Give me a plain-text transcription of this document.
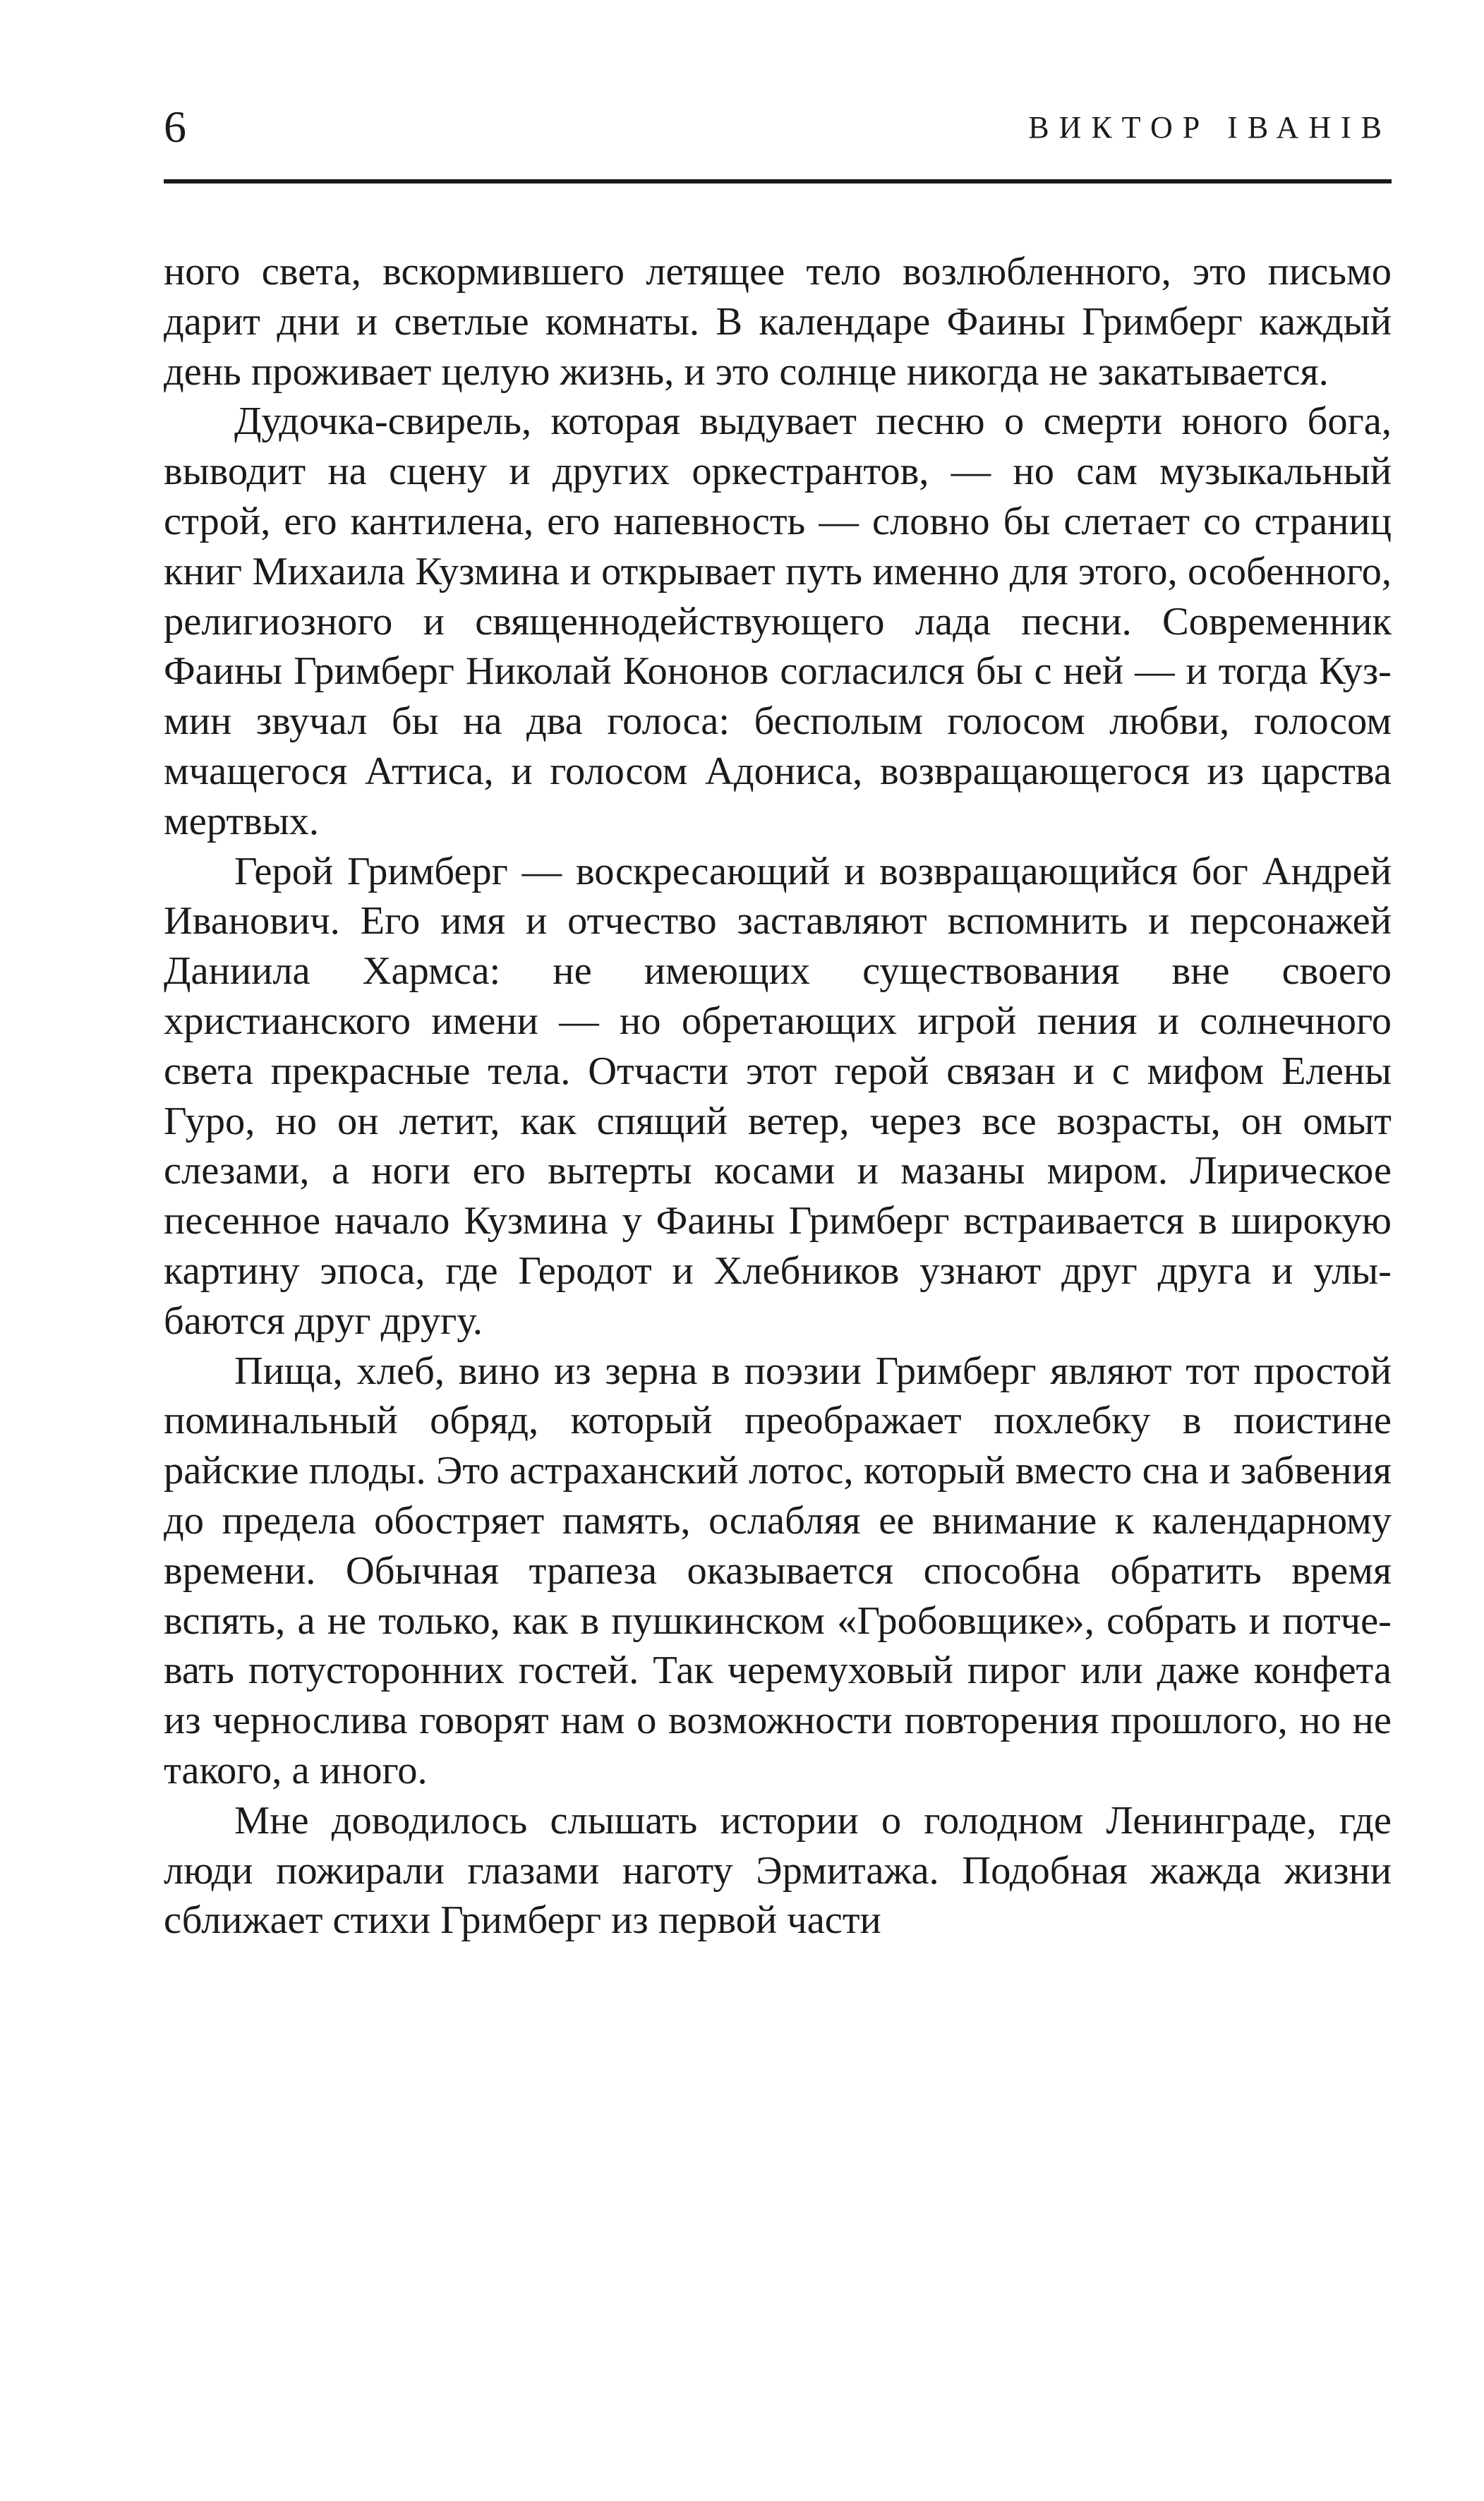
6	ВИКТОР ІВАНІВ

ного света, вскормившего летящее тело возлюбленного, это письмо дарит дни и светлые комнаты. В календаре Фаины Гримберг каждый день проживает целую жизнь, и это солнце никогда не закатывается.

Дудочка-свирель, которая выдувает песню о смерти юного бога, выводит на сцену и других оркестрантов, — но сам музыкальный строй, его кантилена, его напевность — словно бы слетает со страниц книг Михаила Кузмина и открывает путь именно для этого, особенного, религиозного и священнодействующего лада песни. Современник Фаины Гримберг Николай Кононов согласился бы с ней — и тогда Кузмин звучал бы на два голоса: бесполым голосом любви, голосом мчащегося Аттиса, и голосом Адониса, возвращающегося из царства мертвых.

Герой Гримберг — воскресающий и возвращающийся бог Андрей Иванович. Его имя и отчество заставляют вспомнить и персонажей Даниила Хармса: не имеющих существования вне своего христианского имени — но обретающих игрой пения и солнечного света прекрасные тела. Отчасти этот герой связан и с мифом Елены Гуро, но он летит, как спящий ветер, через все возрасты, он омыт слезами, а ноги его вытерты косами и мазаны миром. Лирическое песенное начало Кузмина у Фаины Гримберг встраивается в широкую картину эпоса, где Геродот и Хлебников узнают друг друга и улыбаются друг другу.

Пища, хлеб, вино из зерна в поэзии Гримберг являют тот простой поминальный обряд, который преображает похлебку в поистине райские плоды. Это астраханский лотос, который вместо сна и забвения до предела обостряет память, ослабляя ее внимание к календарному времени. Обычная трапеза оказывается способна обратить время вспять, а не только, как в пушкинском «Гробовщике», собрать и потчевать потусторонних гостей. Так черемуховый пирог или даже конфета из чернослива говорят нам о возможности повторения прошлого, но не такого, а иного.

Мне доводилось слышать истории о голодном Ленинграде, где люди пожирали глазами наготу Эрмитажа. Подобная жажда жизни сближает стихи Гримберг из первой части
